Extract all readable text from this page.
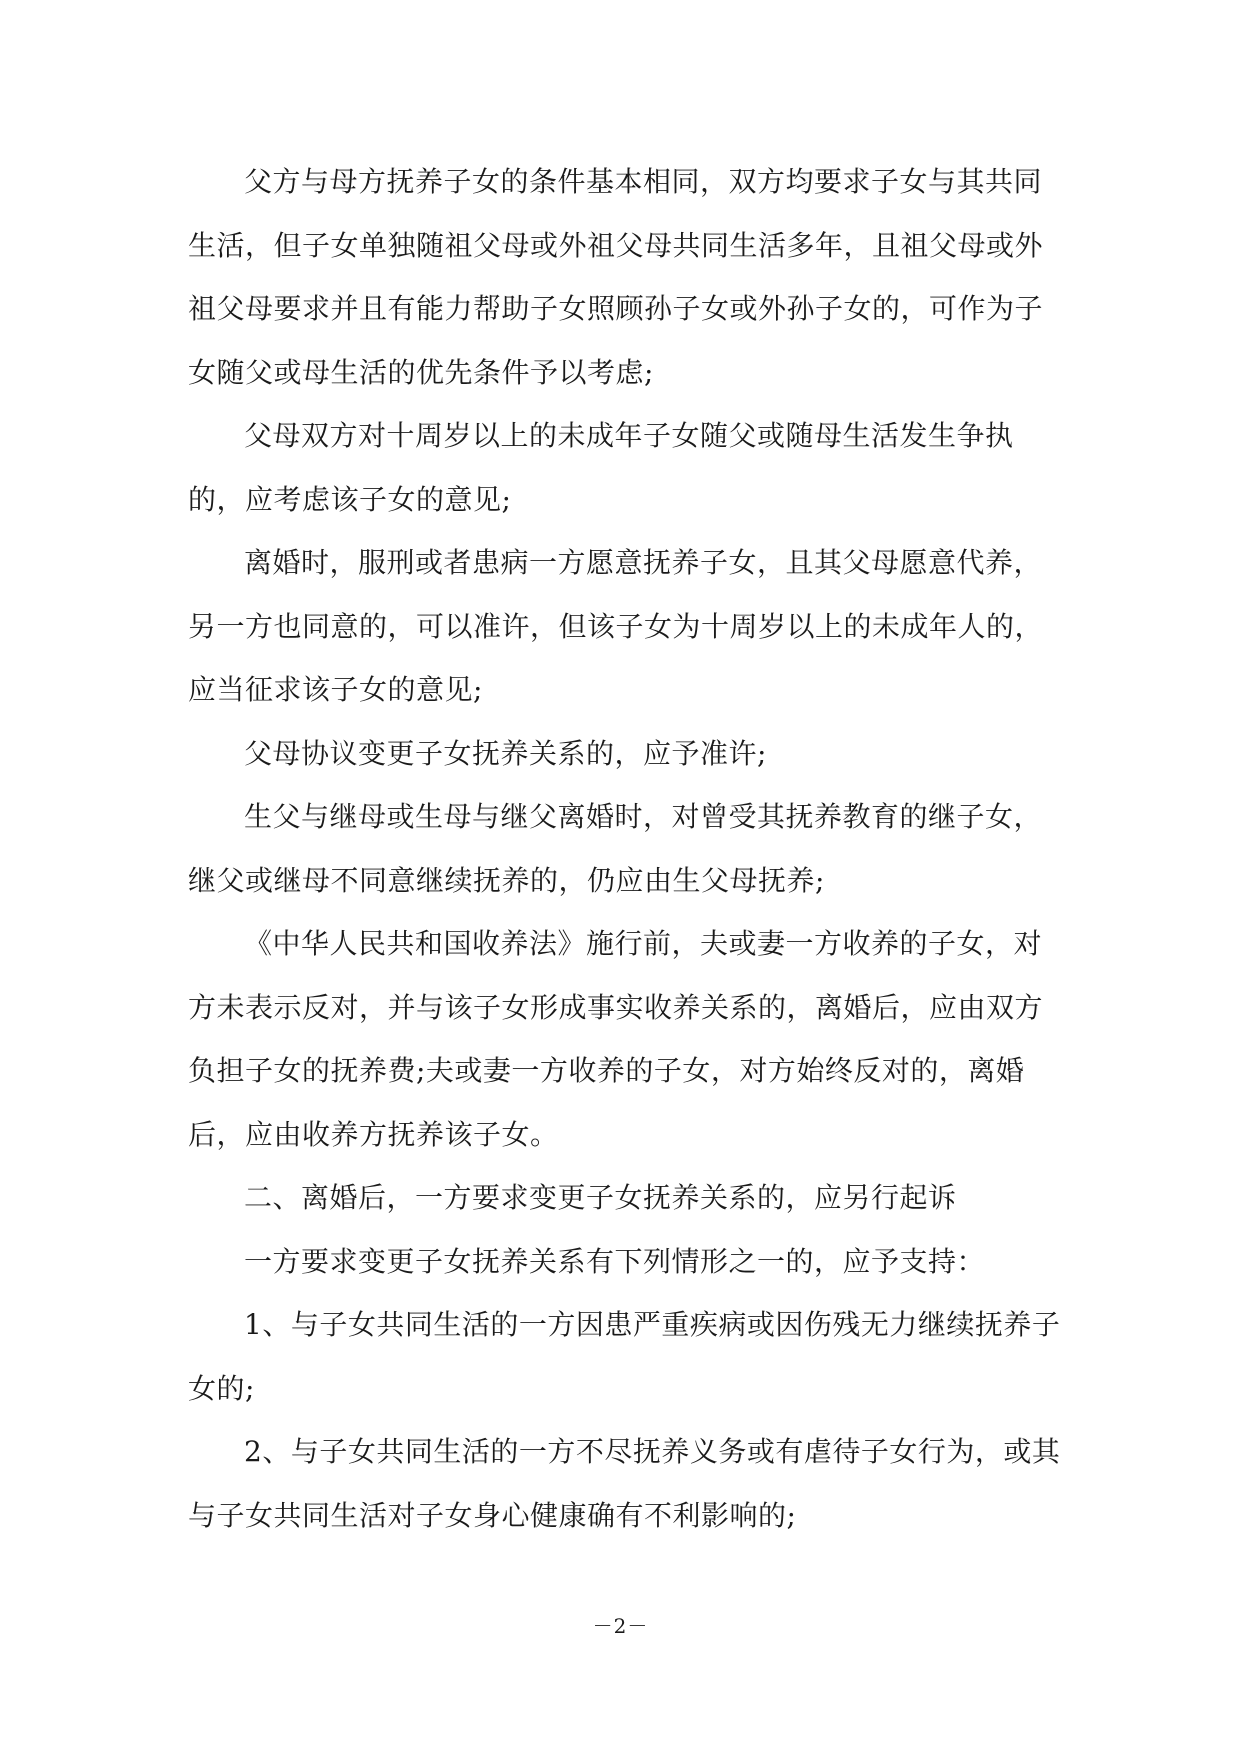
父方与母方抚养子女的条件基本相同，双方均要求子女与其共同生活，但子女单独随祖父母或外祖父母共同生活多年，且祖父母或外祖父母要求并且有能力帮助子女照顾孙子女或外孙子女的，可作为子女随父或母生活的优先条件予以考虑;

父母双方对十周岁以上的未成年子女随父或随母生活发生争执的，应考虑该子女的意见;

离婚时，服刑或者患病一方愿意抚养子女，且其父母愿意代养，另一方也同意的，可以准许，但该子女为十周岁以上的未成年人的，应当征求该子女的意见;

父母协议变更子女抚养关系的，应予准许;

生父与继母或生母与继父离婚时，对曾受其抚养教育的继子女，继父或继母不同意继续抚养的，仍应由生父母抚养;

《中华人民共和国收养法》施行前，夫或妻一方收养的子女，对方未表示反对，并与该子女形成事实收养关系的，离婚后，应由双方负担子女的抚养费;夫或妻一方收养的子女，对方始终反对的，离婚后，应由收养方抚养该子女。

二、离婚后，一方要求变更子女抚养关系的，应另行起诉

一方要求变更子女抚养关系有下列情形之一的，应予支持：

1、与子女共同生活的一方因患严重疾病或因伤残无力继续抚养子女的;

2、与子女共同生活的一方不尽抚养义务或有虐待子女行为，或其与子女共同生活对子女身心健康确有不利影响的;

－2－
